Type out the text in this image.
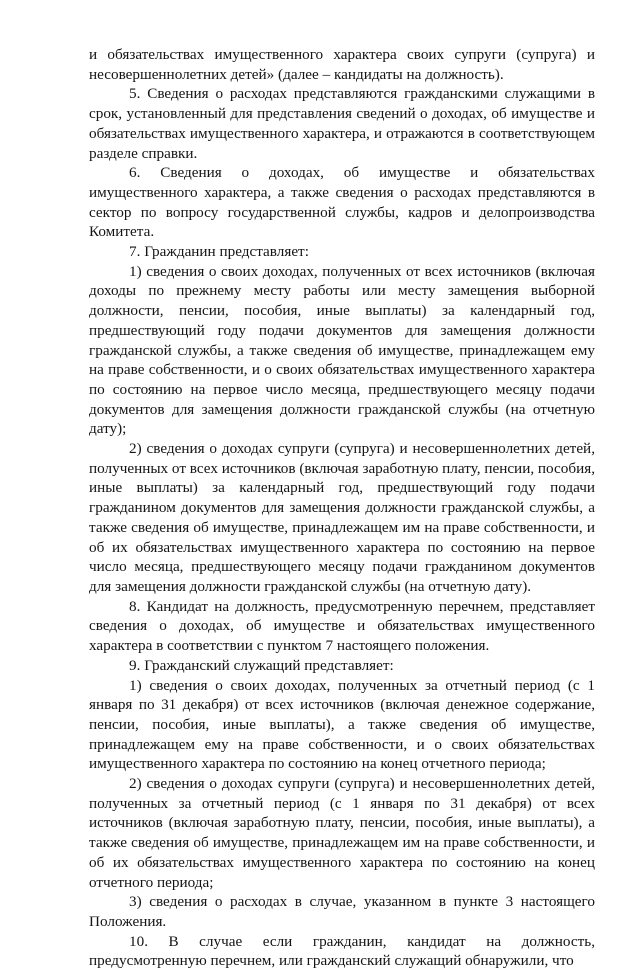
и обязательствах имущественного характера своих супруги (супруга) и несовершеннолетних детей» (далее – кандидаты на должность).

5. Сведения о расходах представляются гражданскими служащими в срок, установленный для представления сведений о доходах, об имуществе и обязательствах имущественного характера, и отражаются в соответствующем разделе справки.

6. Сведения о доходах, об имуществе и обязательствах имущественного характера, а также сведения о расходах представляются в сектор по вопросу государственной службы, кадров и делопроизводства Комитета.

7. Гражданин представляет:

1) сведения о своих доходах, полученных от всех источников (включая доходы по прежнему месту работы или месту замещения выборной должности, пенсии, пособия, иные выплаты) за календарный год, предшествующий году подачи документов для замещения должности гражданской службы, а также сведения об имуществе, принадлежащем ему на праве собственности, и о своих обязательствах имущественного характера по состоянию на первое число месяца, предшествующего месяцу подачи документов для замещения должности гражданской службы (на отчетную дату);

2) сведения о доходах супруги (супруга) и несовершеннолетних детей, полученных от всех источников (включая заработную плату, пенсии, пособия, иные выплаты) за календарный год, предшествующий году подачи гражданином документов для замещения должности гражданской службы, а также сведения об имуществе, принадлежащем им на праве собственности, и об их обязательствах имущественного характера по состоянию на первое число месяца, предшествующего месяцу подачи гражданином документов для замещения должности гражданской службы (на отчетную дату).

8. Кандидат на должность, предусмотренную перечнем, представляет сведения о доходах, об имуществе и обязательствах имущественного характера в соответствии с пунктом 7 настоящего положения.

9. Гражданский служащий представляет:

1) сведения о своих доходах, полученных за отчетный период (с 1 января по 31 декабря) от всех источников (включая денежное содержание, пенсии, пособия, иные выплаты), а также сведения об имуществе, принадлежащем ему на праве собственности, и о своих обязательствах имущественного характера по состоянию на конец отчетного периода;

2) сведения о доходах супруги (супруга) и несовершеннолетних детей, полученных за отчетный период (с 1 января по 31 декабря) от всех источников (включая заработную плату, пенсии, пособия, иные выплаты), а также сведения об имуществе, принадлежащем им на праве собственности, и об их обязательствах имущественного характера по состоянию на конец отчетного периода;

3) сведения о расходах в случае, указанном в пункте 3 настоящего Положения.

10. В случае если гражданин, кандидат на должность, предусмотренную перечнем, или гражданский служащий обнаружили, что
